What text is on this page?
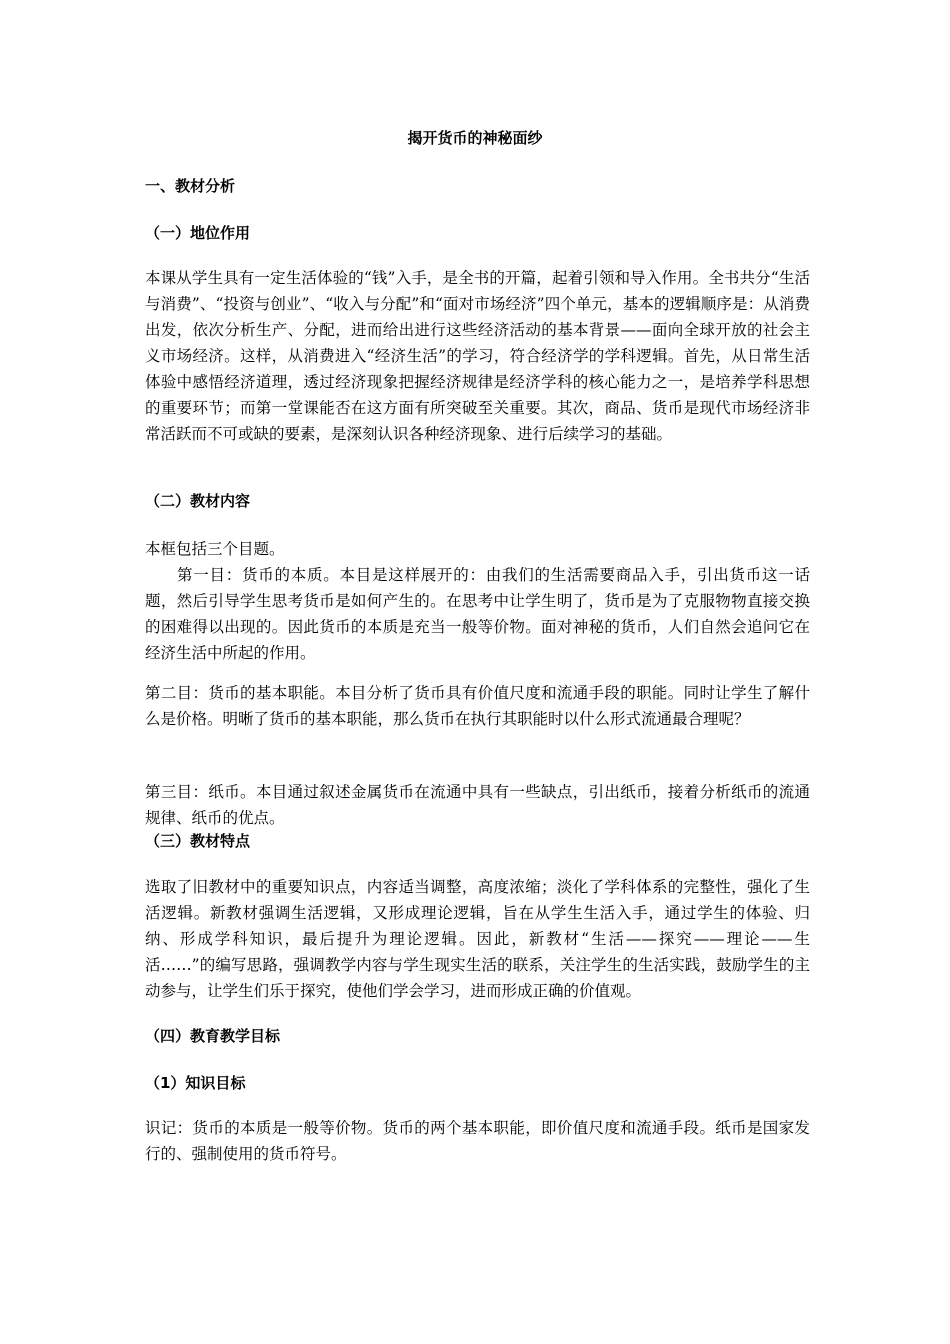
揭开货币的神秘面纱
一、教材分析
（一）地位作用

本课从学生具有一定生活体验的“钱”入手，是全书的开篇，起着引领和导入作用。全书共分“生活与消费”、“投资与创业”、“收入与分配”和“面对市场经济”四个单元，基本的逻辑顺序是：从消费出发，依次分析生产、分配，进而给出进行这些经济活动的基本背景——面向全球开放的社会主义市场经济。这样，从消费进入“经济生活”的学习，符合经济学的学科逻辑。首先，从日常生活体验中感悟经济道理，透过经济现象把握经济规律是经济学科的核心能力之一，是培养学科思想的重要环节；而第一堂课能否在这方面有所突破至关重要。其次，商品、货币是现代市场经济非常活跃而不可或缺的要素，是深刻认识各种经济现象、进行后续学习的基础。

（二）教材内容

本框包括三个目题。

第一目：货币的本质。本目是这样展开的：由我们的生活需要商品入手，引出货币这一话题，然后引导学生思考货币是如何产生的。在思考中让学生明了，货币是为了克服物物直接交换的困难得以出现的。因此货币的本质是充当一般等价物。面对神秘的货币，人们自然会追问它在经济生活中所起的作用。

第二目：货币的基本职能。本目分析了货币具有价值尺度和流通手段的职能。同时让学生了解什么是价格。明晰了货币的基本职能，那么货币在执行其职能时以什么形式流通最合理呢？

第三目：纸币。本目通过叙述金属货币在流通中具有一些缺点，引出纸币，接着分析纸币的流通规律、纸币的优点。

（三）教材特点

选取了旧教材中的重要知识点，内容适当调整，高度浓缩；淡化了学科体系的完整性，强化了生活逻辑。新教材强调生活逻辑，又形成理论逻辑，旨在从学生生活入手，通过学生的体验、归纳、形成学科知识，最后提升为理论逻辑。因此，新教材“生活——探究——理论——生活……”的编写思路，强调教学内容与学生现实生活的联系，关注学生的生活实践，鼓励学生的主动参与，让学生们乐于探究，使他们学会学习，进而形成正确的价值观。

（四）教育教学目标
（1）知识目标

识记：货币的本质是一般等价物。货币的两个基本职能，即价值尺度和流通手段。纸币是国家发行的、强制使用的货币符号。
